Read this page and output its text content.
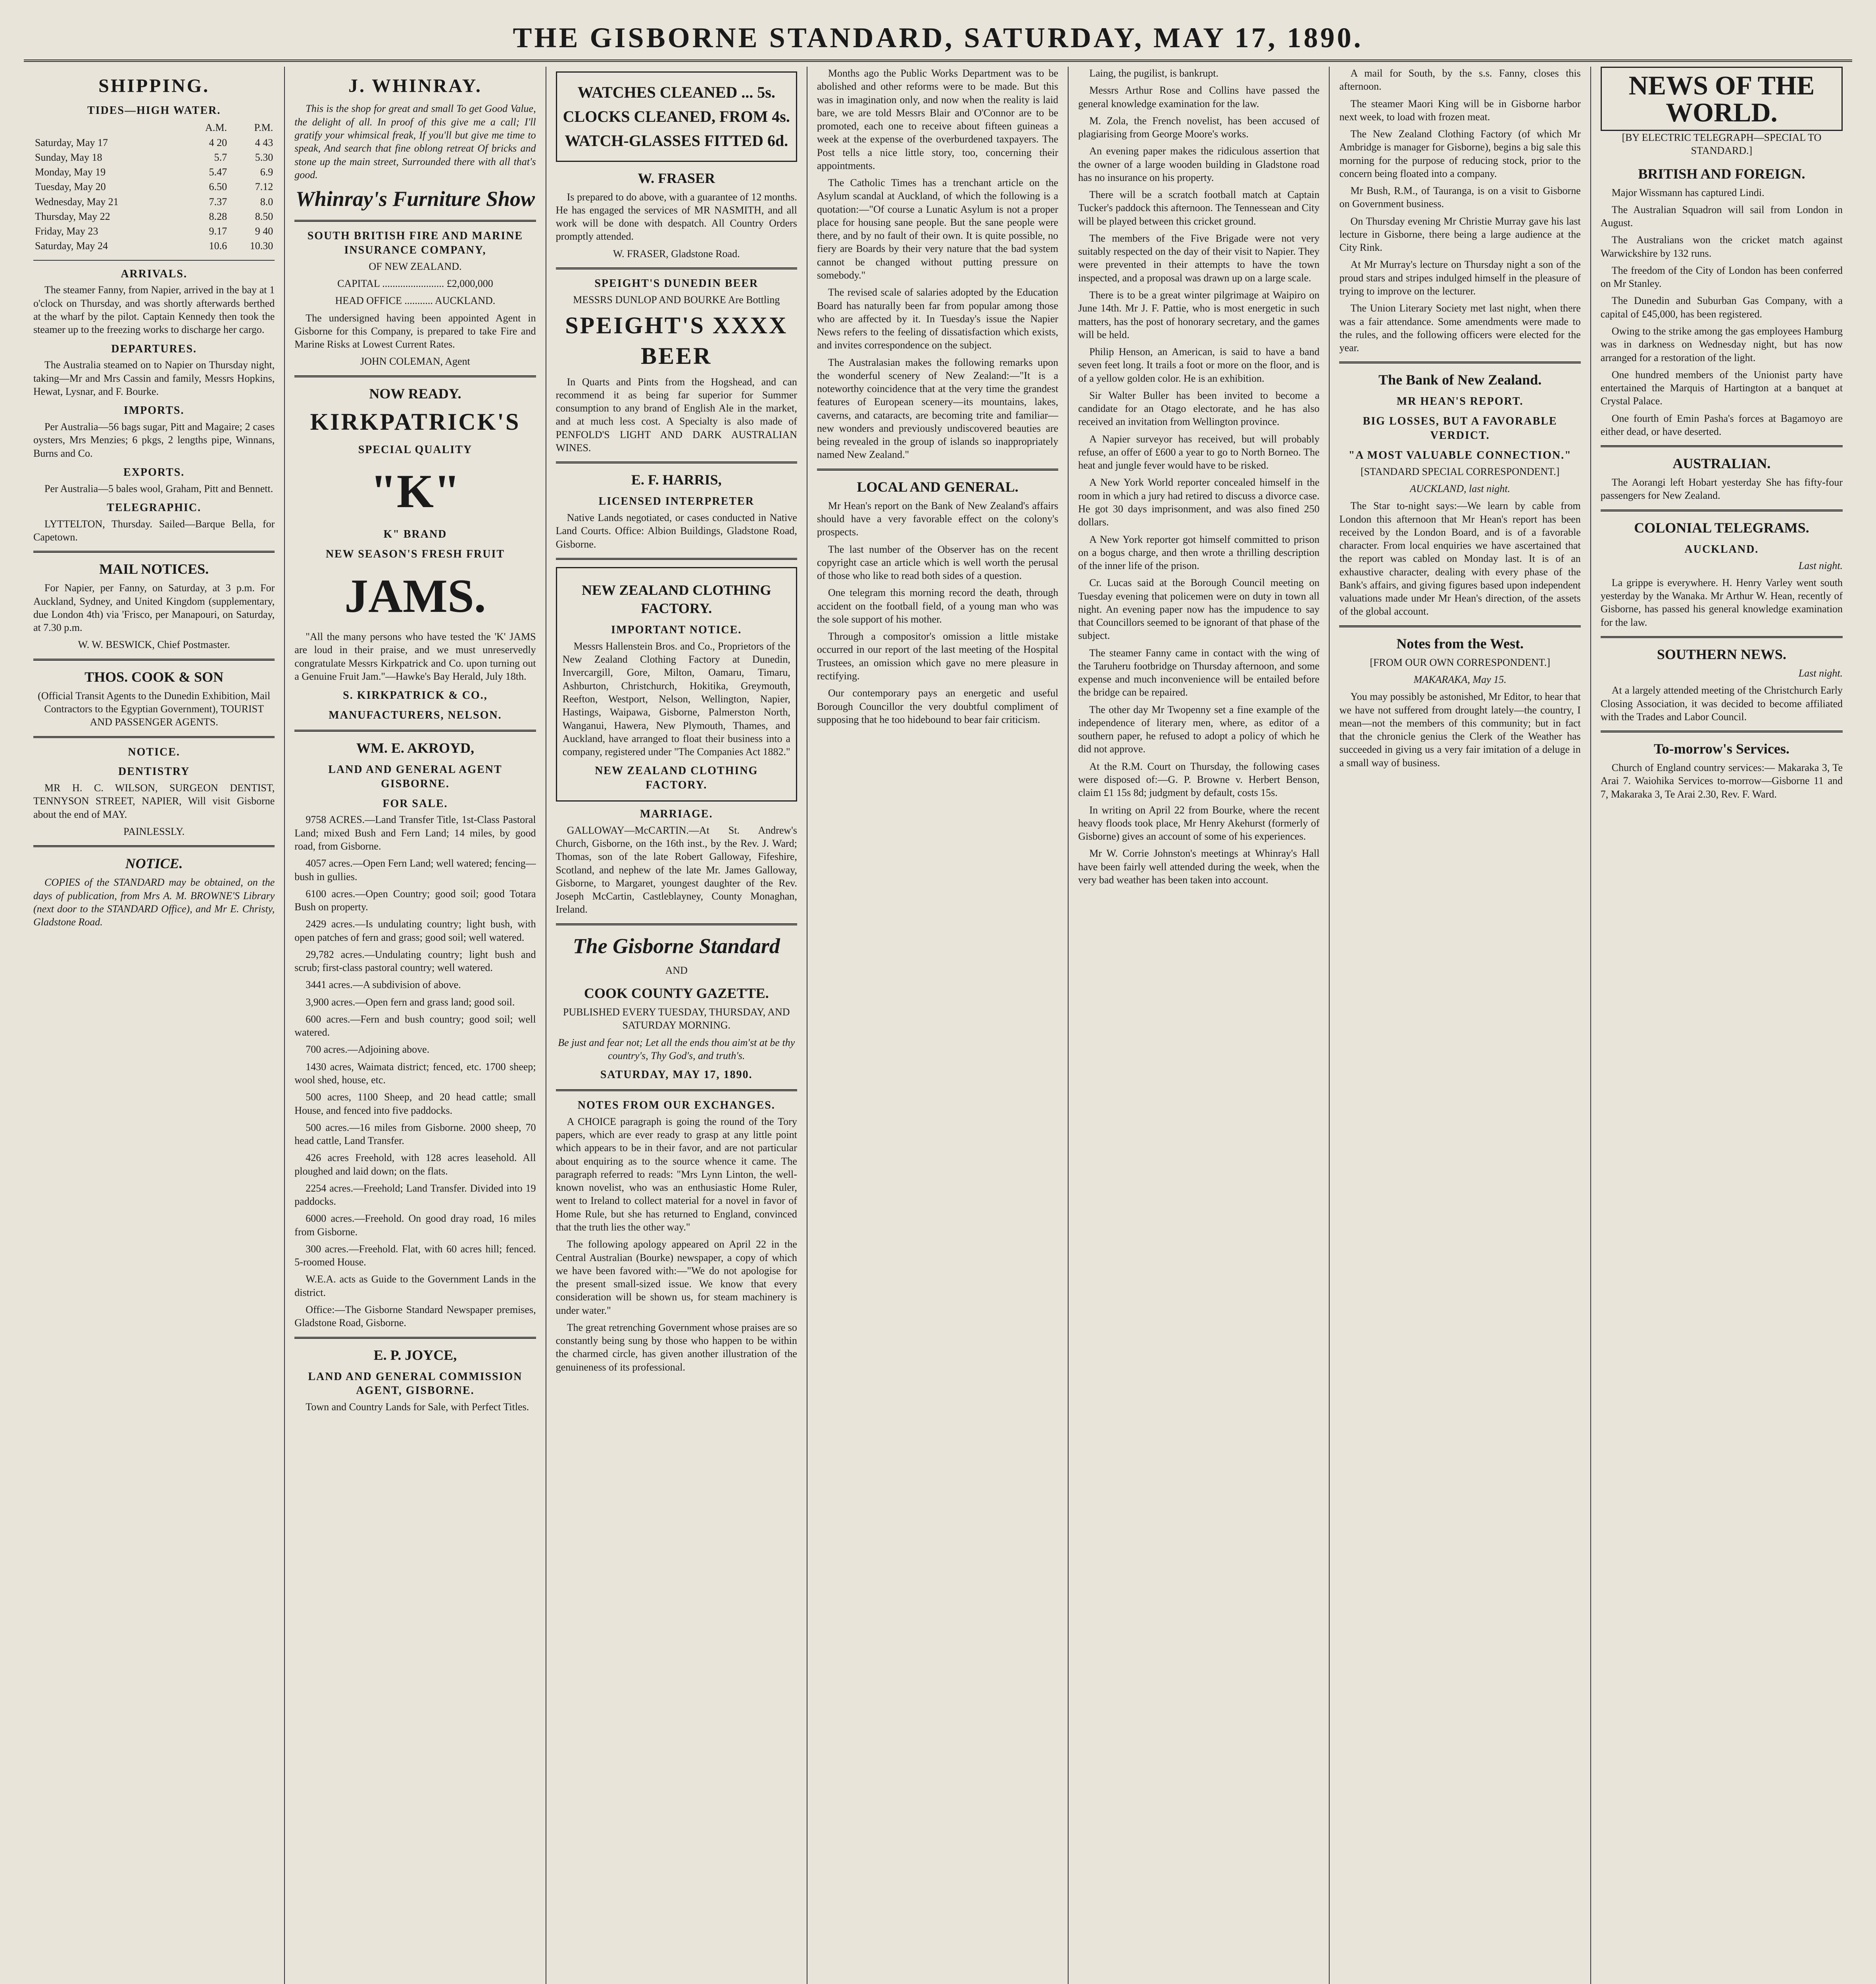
THE GISBORNE STANDARD, SATURDAY, MAY 17, 1890.
SHIPPING.
TIDES—HIGH WATER.
	A.M.	P.M.
Saturday, May 17	4 20	4 43
Sunday, May 18	5.7	5.30
Monday, May 19	5.47	6.9
Tuesday, May 20	6.50	7.12
Wednesday, May 21	7.37	8.0
Thursday, May 22	8.28	8.50
Friday, May 23	9.17	9 40
Saturday, May 24	10.6	10.30
ARRIVALS.

The steamer Fanny, from Napier, arrived in the bay at 1 o'clock on Thursday, and was shortly afterwards berthed at the wharf by the pilot. Captain Kennedy then took the steamer up to the freezing works to discharge her cargo.

DEPARTURES.

The Australia steamed on to Napier on Thursday night, taking—Mr and Mrs Cassin and family, Messrs Hopkins, Hewat, Lysnar, and F. Bourke.

IMPORTS.

Per Australia—56 bags sugar, Pitt and Magaire; 2 cases oysters, Mrs Menzies; 6 pkgs, 2 lengths pipe, Winnans, Burns and Co.

EXPORTS.

Per Australia—5 bales wool, Graham, Pitt and Bennett.

TELEGRAPHIC.

LYTTELTON, Thursday. Sailed—Barque Bella, for Capetown.

MAIL NOTICES.

For Napier, per Fanny, on Saturday, at 3 p.m. For Auckland, Sydney, and United Kingdom (supplementary, due London 4th) via 'Frisco, per Manapouri, on Saturday, at 7.30 p.m.

W. W. BESWICK, Chief Postmaster.

THOS. COOK & SON

(Official Transit Agents to the Dunedin Exhibition, Mail Contractors to the Egyptian Government), TOURIST AND PASSENGER AGENTS.

NOTICE.
DENTISTRY

MR H. C. WILSON, SURGEON DENTIST, TENNYSON STREET, NAPIER, Will visit Gisborne about the end of MAY.

PAINLESSLY.

NOTICE.

COPIES of the STANDARD may be obtained, on the days of publication, from Mrs A. M. BROWNE'S Library (next door to the STANDARD Office), and Mr E. Christy, Gladstone Road.

J. WHINRAY.

This is the shop for great and small To get Good Value, the delight of all. In proof of this give me a call; I'll gratify your whimsical freak, If you'll but give me time to speak, And search that fine oblong retreat Of bricks and stone up the main street, Surrounded there with all that's good.

Whinray's Furniture Show
SOUTH BRITISH FIRE AND MARINE INSURANCE COMPANY,

OF NEW ZEALAND.

CAPITAL ........................ £2,000,000

HEAD OFFICE ........... AUCKLAND.

The undersigned having been appointed Agent in Gisborne for this Company, is prepared to take Fire and Marine Risks at Lowest Current Rates.

JOHN COLEMAN, Agent

NOW READY.
KIRKPATRICK'S
SPECIAL QUALITY
"K"
K" BRAND
NEW SEASON'S FRESH FRUIT
JAMS.

"All the many persons who have tested the 'K' JAMS are loud in their praise, and we must unreservedly congratulate Messrs Kirkpatrick and Co. upon turning out a Genuine Fruit Jam."—Hawke's Bay Herald, July 18th.

S. KIRKPATRICK & CO.,
MANUFACTURERS, NELSON.
WM. E. AKROYD,
LAND AND GENERAL AGENT GISBORNE.
FOR SALE.

9758 ACRES.—Land Transfer Title, 1st-Class Pastoral Land; mixed Bush and Fern Land; 14 miles, by good road, from Gisborne.

4057 acres.—Open Fern Land; well watered; fencing—bush in gullies.

6100 acres.—Open Country; good soil; good Totara Bush on property.

2429 acres.—Is undulating country; light bush, with open patches of fern and grass; good soil; well watered.

29,782 acres.—Undulating country; light bush and scrub; first-class pastoral country; well watered.

3441 acres.—A subdivision of above.

3,900 acres.—Open fern and grass land; good soil.

600 acres.—Fern and bush country; good soil; well watered.

700 acres.—Adjoining above.

1430 acres, Waimata district; fenced, etc. 1700 sheep; wool shed, house, etc.

500 acres, 1100 Sheep, and 20 head cattle; small House, and fenced into five paddocks.

500 acres.—16 miles from Gisborne. 2000 sheep, 70 head cattle, Land Transfer.

426 acres Freehold, with 128 acres leasehold. All ploughed and laid down; on the flats.

2254 acres.—Freehold; Land Transfer. Divided into 19 paddocks.

6000 acres.—Freehold. On good dray road, 16 miles from Gisborne.

300 acres.—Freehold. Flat, with 60 acres hill; fenced. 5-roomed House.

W.E.A. acts as Guide to the Government Lands in the district.

Office:—The Gisborne Standard Newspaper premises, Gladstone Road, Gisborne.

E. P. JOYCE,
LAND AND GENERAL COMMISSION AGENT, GISBORNE.

Town and Country Lands for Sale, with Perfect Titles.

WATCHES CLEANED ... 5s.
CLOCKS CLEANED, FROM 4s.
WATCH-GLASSES FITTED 6d.
W. FRASER

Is prepared to do above, with a guarantee of 12 months. He has engaged the services of MR NASMITH, and all work will be done with despatch. All Country Orders promptly attended.

W. FRASER, Gladstone Road.

SPEIGHT'S DUNEDIN BEER

MESSRS DUNLOP AND BOURKE Are Bottling

SPEIGHT'S XXXX BEER

In Quarts and Pints from the Hogshead, and can recommend it as being far superior for Summer consumption to any brand of English Ale in the market, and at much less cost. A Specialty is also made of PENFOLD'S LIGHT AND DARK AUSTRALIAN WINES.

E. F. HARRIS,
LICENSED INTERPRETER

Native Lands negotiated, or cases conducted in Native Land Courts. Office: Albion Buildings, Gladstone Road, Gisborne.

NEW ZEALAND CLOTHING FACTORY.
IMPORTANT NOTICE.

Messrs Hallenstein Bros. and Co., Proprietors of the New Zealand Clothing Factory at Dunedin, Invercargill, Gore, Milton, Oamaru, Timaru, Ashburton, Christchurch, Hokitika, Greymouth, Reefton, Westport, Nelson, Wellington, Napier, Hastings, Waipawa, Gisborne, Palmerston North, Wanganui, Hawera, New Plymouth, Thames, and Auckland, have arranged to float their business into a company, registered under "The Companies Act 1882."

NEW ZEALAND CLOTHING FACTORY.
MARRIAGE.

GALLOWAY—McCARTIN.—At St. Andrew's Church, Gisborne, on the 16th inst., by the Rev. J. Ward; Thomas, son of the late Robert Galloway, Fifeshire, Scotland, and nephew of the late Mr. James Galloway, Gisborne, to Margaret, youngest daughter of the Rev. Joseph McCartin, Castleblayney, County Monaghan, Ireland.

The Gisborne Standard

AND

COOK COUNTY GAZETTE.

PUBLISHED EVERY TUESDAY, THURSDAY, AND SATURDAY MORNING.

Be just and fear not; Let all the ends thou aim'st at be thy country's, Thy God's, and truth's.

SATURDAY, MAY 17, 1890.
NOTES FROM OUR EXCHANGES.

A CHOICE paragraph is going the round of the Tory papers, which are ever ready to grasp at any little point which appears to be in their favor, and are not particular about enquiring as to the source whence it came. The paragraph referred to reads: "Mrs Lynn Linton, the well-known novelist, who was an enthusiastic Home Ruler, went to Ireland to collect material for a novel in favor of Home Rule, but she has returned to England, convinced that the truth lies the other way."

The following apology appeared on April 22 in the Central Australian (Bourke) newspaper, a copy of which we have been favored with:—"We do not apologise for the present small-sized issue. We know that every consideration will be shown us, for steam machinery is under water."

The great retrenching Government whose praises are so constantly being sung by those who happen to be within the charmed circle, has given another illustration of the genuineness of its professional.

Months ago the Public Works Department was to be abolished and other reforms were to be made. But this was in imagination only, and now when the reality is laid bare, we are told Messrs Blair and O'Connor are to be promoted, each one to receive about fifteen guineas a week at the expense of the overburdened taxpayers. The Post tells a nice little story, too, concerning their appointments.

The Catholic Times has a trenchant article on the Asylum scandal at Auckland, of which the following is a quotation:—"Of course a Lunatic Asylum is not a proper place for housing sane people. But the sane people were there, and by no fault of their own. It is quite possible, no fiery are Boards by their very nature that the bad system cannot be changed without putting pressure on somebody."

The revised scale of salaries adopted by the Education Board has naturally been far from popular among those who are affected by it. In Tuesday's issue the Napier News refers to the feeling of dissatisfaction which exists, and invites correspondence on the subject.

The Australasian makes the following remarks upon the wonderful scenery of New Zealand:—"It is a noteworthy coincidence that at the very time the grandest features of European scenery—its mountains, lakes, caverns, and cataracts, are becoming trite and familiar—new wonders and previously undiscovered beauties are being revealed in the group of islands so inappropriately named New Zealand."

LOCAL AND GENERAL.

Mr Hean's report on the Bank of New Zealand's affairs should have a very favorable effect on the colony's prospects.

The last number of the Observer has on the recent copyright case an article which is well worth the perusal of those who like to read both sides of a question.

One telegram this morning record the death, through accident on the football field, of a young man who was the sole support of his mother.

Through a compositor's omission a little mistake occurred in our report of the last meeting of the Hospital Trustees, an omission which gave no mere pleasure in rectifying.

Our contemporary pays an energetic and useful Borough Councillor the very doubtful compliment of supposing that he too hidebound to bear fair criticism.

Laing, the pugilist, is bankrupt.

Messrs Arthur Rose and Collins have passed the general knowledge examination for the law.

M. Zola, the French novelist, has been accused of plagiarising from George Moore's works.

An evening paper makes the ridiculous assertion that the owner of a large wooden building in Gladstone road has no insurance on his property.

There will be a scratch football match at Captain Tucker's paddock this afternoon. The Tennessean and City will be played between this cricket ground.

The members of the Five Brigade were not very suitably respected on the day of their visit to Napier. They were prevented in their attempts to have the town inspected, and a proposal was drawn up on a large scale.

There is to be a great winter pilgrimage at Waipiro on June 14th. Mr J. F. Pattie, who is most energetic in such matters, has the post of honorary secretary, and the games will be held.

Philip Henson, an American, is said to have a band seven feet long. It trails a foot or more on the floor, and is of a yellow golden color. He is an exhibition.

Sir Walter Buller has been invited to become a candidate for an Otago electorate, and he has also received an invitation from Wellington province.

A Napier surveyor has received, but will probably refuse, an offer of £600 a year to go to North Borneo. The heat and jungle fever would have to be risked.

A New York World reporter concealed himself in the room in which a jury had retired to discuss a divorce case. He got 30 days imprisonment, and was also fined 250 dollars.

A New York reporter got himself committed to prison on a bogus charge, and then wrote a thrilling description of the inner life of the prison.

Cr. Lucas said at the Borough Council meeting on Tuesday evening that policemen were on duty in town all night. An evening paper now has the impudence to say that Councillors seemed to be ignorant of that phase of the subject.

The steamer Fanny came in contact with the wing of the Taruheru footbridge on Thursday afternoon, and some expense and much inconvenience will be entailed before the bridge can be repaired.

The other day Mr Twopenny set a fine example of the independence of literary men, where, as editor of a southern paper, he refused to adopt a policy of which he did not approve.

At the R.M. Court on Thursday, the following cases were disposed of:—G. P. Browne v. Herbert Benson, claim £1 15s 8d; judgment by default, costs 15s.

In writing on April 22 from Bourke, where the recent heavy floods took place, Mr Henry Akehurst (formerly of Gisborne) gives an account of some of his experiences.

Mr W. Corrie Johnston's meetings at Whinray's Hall have been fairly well attended during the week, when the very bad weather has been taken into account.

A mail for South, by the s.s. Fanny, closes this afternoon.

The steamer Maori King will be in Gisborne harbor next week, to load with frozen meat.

The New Zealand Clothing Factory (of which Mr Ambridge is manager for Gisborne), begins a big sale this morning for the purpose of reducing stock, prior to the concern being floated into a company.

Mr Bush, R.M., of Tauranga, is on a visit to Gisborne on Government business.

On Thursday evening Mr Christie Murray gave his last lecture in Gisborne, there being a large audience at the City Rink.

At Mr Murray's lecture on Thursday night a son of the proud stars and stripes indulged himself in the pleasure of trying to improve on the lecturer.

The Union Literary Society met last night, when there was a fair attendance. Some amendments were made to the rules, and the following officers were elected for the year.

The Bank of New Zealand.
MR HEAN'S REPORT.
BIG LOSSES, BUT A FAVORABLE VERDICT.
"A MOST VALUABLE CONNECTION."

[STANDARD SPECIAL CORRESPONDENT.]

AUCKLAND, last night.

The Star to-night says:—We learn by cable from London this afternoon that Mr Hean's report has been received by the London Board, and is of a favorable character. From local enquiries we have ascertained that the report was cabled on Monday last. It is of an exhaustive character, dealing with every phase of the Bank's affairs, and giving figures based upon independent valuations made under Mr Hean's direction, of the assets of the global account.

Notes from the West.

[FROM OUR OWN CORRESPONDENT.]

MAKARAKA, May 15.

You may possibly be astonished, Mr Editor, to hear that we have not suffered from drought lately—the country, I mean—not the members of this community; but in fact that the chronicle genius the Clerk of the Weather has succeeded in giving us a very fair imitation of a deluge in a small way of business.

NEWS OF THE WORLD.

[BY ELECTRIC TELEGRAPH—SPECIAL TO STANDARD.]

BRITISH AND FOREIGN.

Major Wissmann has captured Lindi.

The Australian Squadron will sail from London in August.

The Australians won the cricket match against Warwickshire by 132 runs.

The freedom of the City of London has been conferred on Mr Stanley.

The Dunedin and Suburban Gas Company, with a capital of £45,000, has been registered.

Owing to the strike among the gas employees Hamburg was in darkness on Wednesday night, but has now arranged for a restoration of the light.

One hundred members of the Unionist party have entertained the Marquis of Hartington at a banquet at Crystal Palace.

One fourth of Emin Pasha's forces at Bagamoyo are either dead, or have deserted.

AUSTRALIAN.

The Aorangi left Hobart yesterday She has fifty-four passengers for New Zealand.

COLONIAL TELEGRAMS.
AUCKLAND.

Last night.

La grippe is everywhere. H. Henry Varley went south yesterday by the Wanaka. Mr Arthur W. Hean, recently of Gisborne, has passed his general knowledge examination for the law.

SOUTHERN NEWS.

Last night.

At a largely attended meeting of the Christchurch Early Closing Association, it was decided to become affiliated with the Trades and Labor Council.

To-morrow's Services.

Church of England country services:— Makaraka 3, Te Arai 7. Waiohika Services to-morrow—Gisborne 11 and 7, Makaraka 3, Te Arai 2.30, Rev. F. Ward.
